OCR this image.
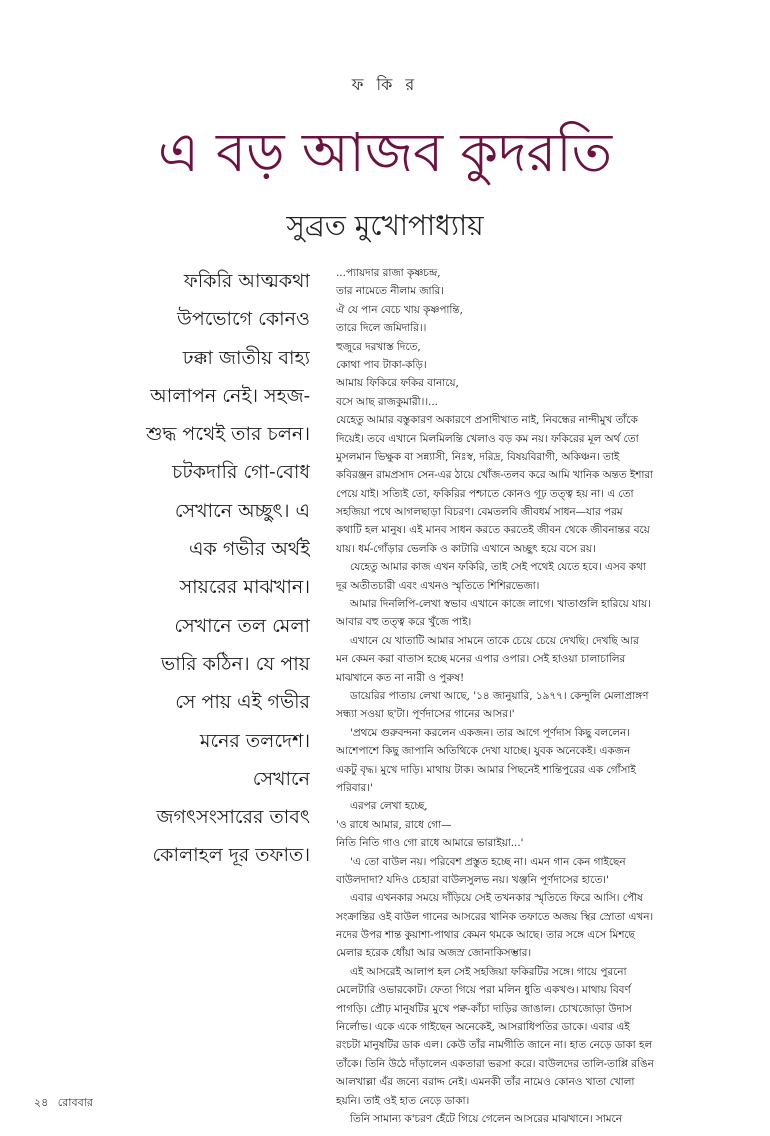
ফ কি র
এ বড় আজব কুদরতি
সুব্রত মুখোপাধ্যায়
ফকিরি আত্মকথা
উপভোগে কোনও
ঢক্কা জাতীয় বাহ্য
আলাপন নেই। সহজ-
শুদ্ধ পথেই তার চলন।
চটকদারি গো-বোধ
সেখানে অচ্ছুৎ। এ
এক গভীর অর্থই
সায়রের মাঝখান।
সেখানে তল মেলা
ভারি কঠিন। যে পায়
সে পায় এই গভীর
মনের তলদেশ।
সেখানে
জগৎসংসারের তাবৎ
কোলাহল দূর তফাত।
...প্যায়দার রাজা কৃষ্ণচন্দ্র,
তার নামেতে নীলাম জারি।
ঐ যে পান বেচে খায় কৃষ্ণপান্তি,
তারে দিলে জমিদারি।।
হুজুরে দরখাস্ত দিতে,
কোথা পাব টাকা-কড়ি।
আমায় ফিকিরে ফকির বানায়ে,
বসে আছ রাজকুমারী।।...
যেহেতু আমার বস্তুকারণ অকারণে প্রসাদীখাত নাই, নিবন্ধের নান্দীমুখ তাঁকে
দিয়েই। তবে এখানে মিলমিলন্তি খেলাও বড় কম নয়। ফকিরের মূল অর্থ তো
মুসলমান ভিক্ষুক বা সন্ন্যাসী, নিঃস্ব, দরিদ্র, বিষয়বিরাগী, অকিঞ্চন। তাই
কবিরঞ্জন রামপ্রসাদ সেন-এর ঠায়ে খোঁজ-তলব করে আমি খানিক অন্তত ইশারা
পেয়ে যাই। সত্যিই তো, ফকিরির পশ্চাতে কোনও গূঢ় তত্ত্ব হয় না। এ তো
সহজিয়া পথে আগলছাড়া বিচরণ। বেমতলবি জীবধর্ম সাধন—যার পরম
কথাটি হল মানুষ। এই মানব সাধন করতে করতেই জীবন থেকে জীবনান্তর বয়ে
যায়। ধর্ম-গোঁড়ার ভেলকি ও কাটারি এখানে অচ্ছুৎ হয়ে বসে রয়।
যেহেতু আমার কাজ এখন ফকিরি, তাই সেই পথেই যেতে হবে। এসব কথা
দূর অতীতচারী এবং এখনও স্মৃতিতে শিশিরভেজা।
আমার দিনলিপি-লেখা স্বভাব এখানে কাজে লাগে। খাতাগুলি হারিয়ে যায়।
আবার বহু তত্ত্ব করে খুঁজে পাই।
এখানে যে খাতাটি আমার সামনে তাকে চেয়ে চেয়ে দেখছি। দেখছি আর
মন কেমন করা বাতাস হচ্ছে মনের এপার ওপার। সেই হাওয়া চালাচালির
মাঝখানে কত না নারী ও পুরুষ!
ডায়েরির পাতায় লেখা আছে, '১৪ জানুয়ারি, ১৯৭৭। কেন্দুলি মেলাপ্রাঙ্গণ
সন্ধ্যা সওয়া ছ'টা। পূর্ণদাসের গানের আসর।'
'প্রথমে গুরুবন্দনা করলেন একজন। তার আগে পূর্ণদাস কিছু বললেন।
আশেপাশে কিছু জাপানি অতিথিকে দেখা যাচ্ছে। যুবক অনেকেই। একজন
একটু বৃদ্ধ। মুখে দাড়ি। মাথায় টাক। আমার পিছনেই শান্তিপুরের এক গোঁসাই
পরিবার।'
এরপর লেখা হচ্ছে,
'ও রাধে আমার, রাধে গো—
নিতি নিতি গাও গো রাধে আমারে ভারাইয়া...'
'এ তো বাউল নয়। পরিবেশ প্রস্তুত হচ্ছে না। এমন গান কেন গাইছেন
বাউলদাদা? যদিও চেহারা বাউলসুলভ নয়। খঞ্জনি পূর্ণদাসের হাতে।'
এবার এখনকার সময়ে দাঁড়িয়ে সেই তখনকার স্মৃতিতে ফিরে আসি। পৌষ
সংক্রান্তির ওই বাউল গানের আসরের খানিক তফাতে অজয় স্থির স্রোতা এখন।
নদের উপর শান্ত কুয়াশা-পাথার কেমন থমকে আছে। তার সঙ্গে এসে মিশছে
মেলার হরেক ধোঁয়া আর অজস্র জোনাকিসম্ভার।
এই আসরেই আলাপ হল সেই সহজিয়া ফকিরটির সঙ্গে। গায়ে পুরনো
মেলেটারি ওভারকোট। ফেতা গিয়ে পরা মলিন ধুতি একখণ্ড। মাথায় বিবর্ণ
পাগড়ি। প্রৌঢ় মানুষটির মুখে পক্ব-কাঁচা দাড়ির জাঙাল। চোখজোড়া উদাস
নির্লোভ। একে একে গাইছেন অনেকেই, আসরাধিপতির ডাকে। এবার এই
রংচটা মানুষটির ডাক এল। কেউ তাঁর নামগীতি জানে না। হাত নেড়ে ডাকা হল
তাঁকে। তিনি উঠে দাঁড়ালেন একতারা ভরসা করে। বাউলদের তালি-তাপ্পি রঙিন
আলখাল্লা এঁর জন্যে বরাদ্দ নেই। এমনকী তাঁর নামেও কোনও খাতা খোলা
হয়নি। তাই ওই হাত নেড়ে ডাকা।
তিনি সামান্য ক'চরণ হেঁটে গিয়ে গেলেন আসরের মাঝখানে। সামনে
২৪ রোববার
